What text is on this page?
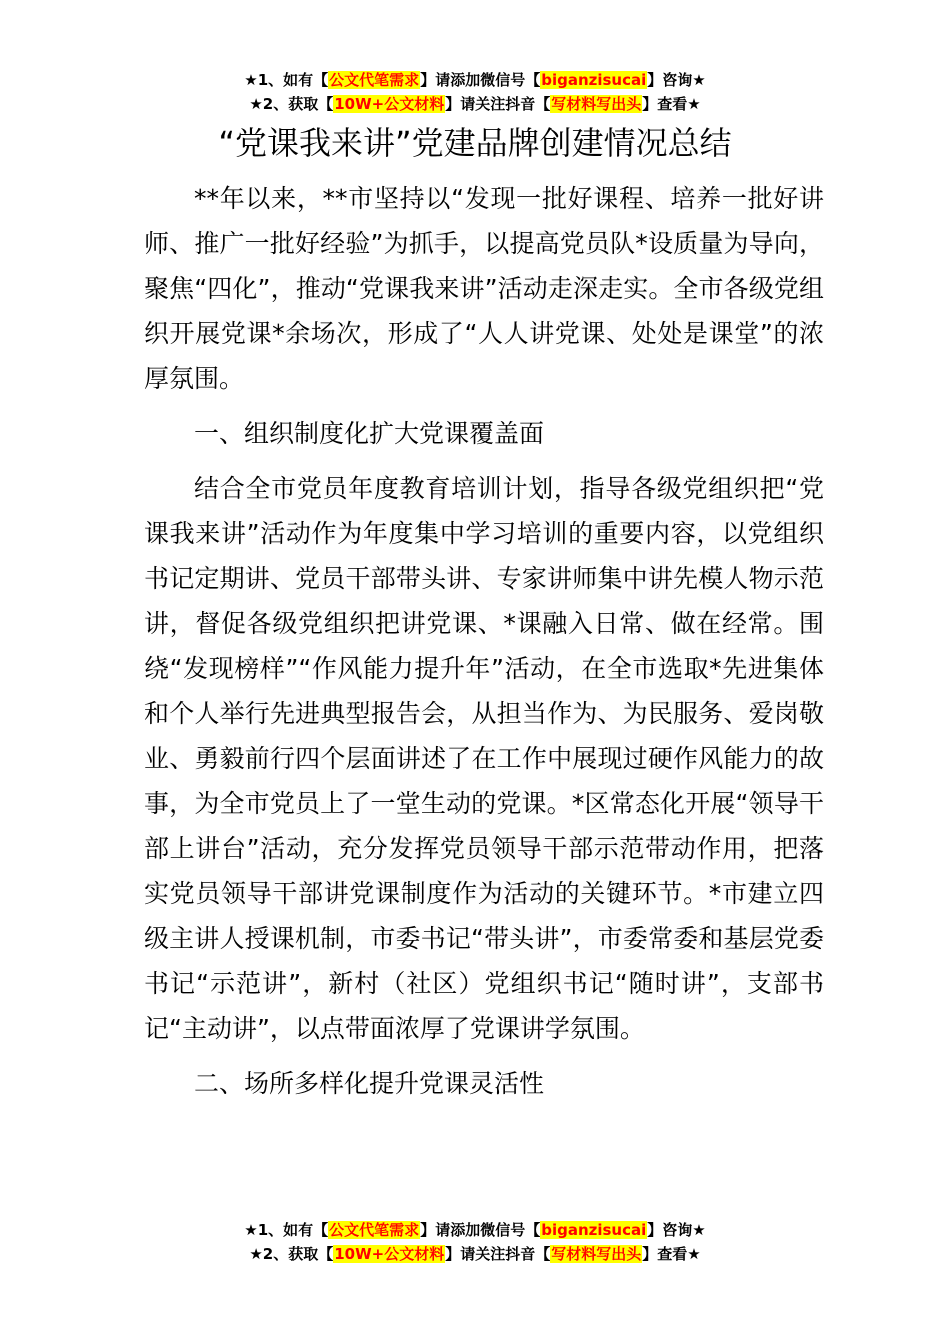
★1、如有【公文代笔需求】请添加微信号【biganzisucai】咨询★
★2、获取【10W+公文材料】请关注抖音【写材料写出头】查看★
“党课我来讲”党建品牌创建情况总结

**年以来，**市坚持以“发现一批好课程、培养一批好讲师、推广一批好经验”为抓手，以提高党员队*设质量为导向，聚焦“四化”，推动“党课我来讲”活动走深走实。全市各级党组织开展党课*余场次，形成了“人人讲党课、处处是课堂”的浓厚氛围。

一、组织制度化扩大党课覆盖面

结合全市党员年度教育培训计划，指导各级党组织把“党课我来讲”活动作为年度集中学习培训的重要内容，以党组织书记定期讲、党员干部带头讲、专家讲师集中讲先模人物示范讲，督促各级党组织把讲党课、*课融入日常、做在经常。围绕“发现榜样”“作风能力提升年”活动，在全市选取*先进集体和个人举行先进典型报告会，从担当作为、为民服务、爱岗敬业、勇毅前行四个层面讲述了在工作中展现过硬作风能力的故事，为全市党员上了一堂生动的党课。*区常态化开展“领导干部上讲台”活动，充分发挥党员领导干部示范带动作用，把落实党员领导干部讲党课制度作为活动的关键环节。*市建立四级主讲人授课机制，市委书记“带头讲”，市委常委和基层党委书记“示范讲”，新村（社区）党组织书记“随时讲”，支部书记“主动讲”，以点带面浓厚了党课讲学氛围。

二、场所多样化提升党课灵活性

★1、如有【公文代笔需求】请添加微信号【biganzisucai】咨询★
★2、获取【10W+公文材料】请关注抖音【写材料写出头】查看★
